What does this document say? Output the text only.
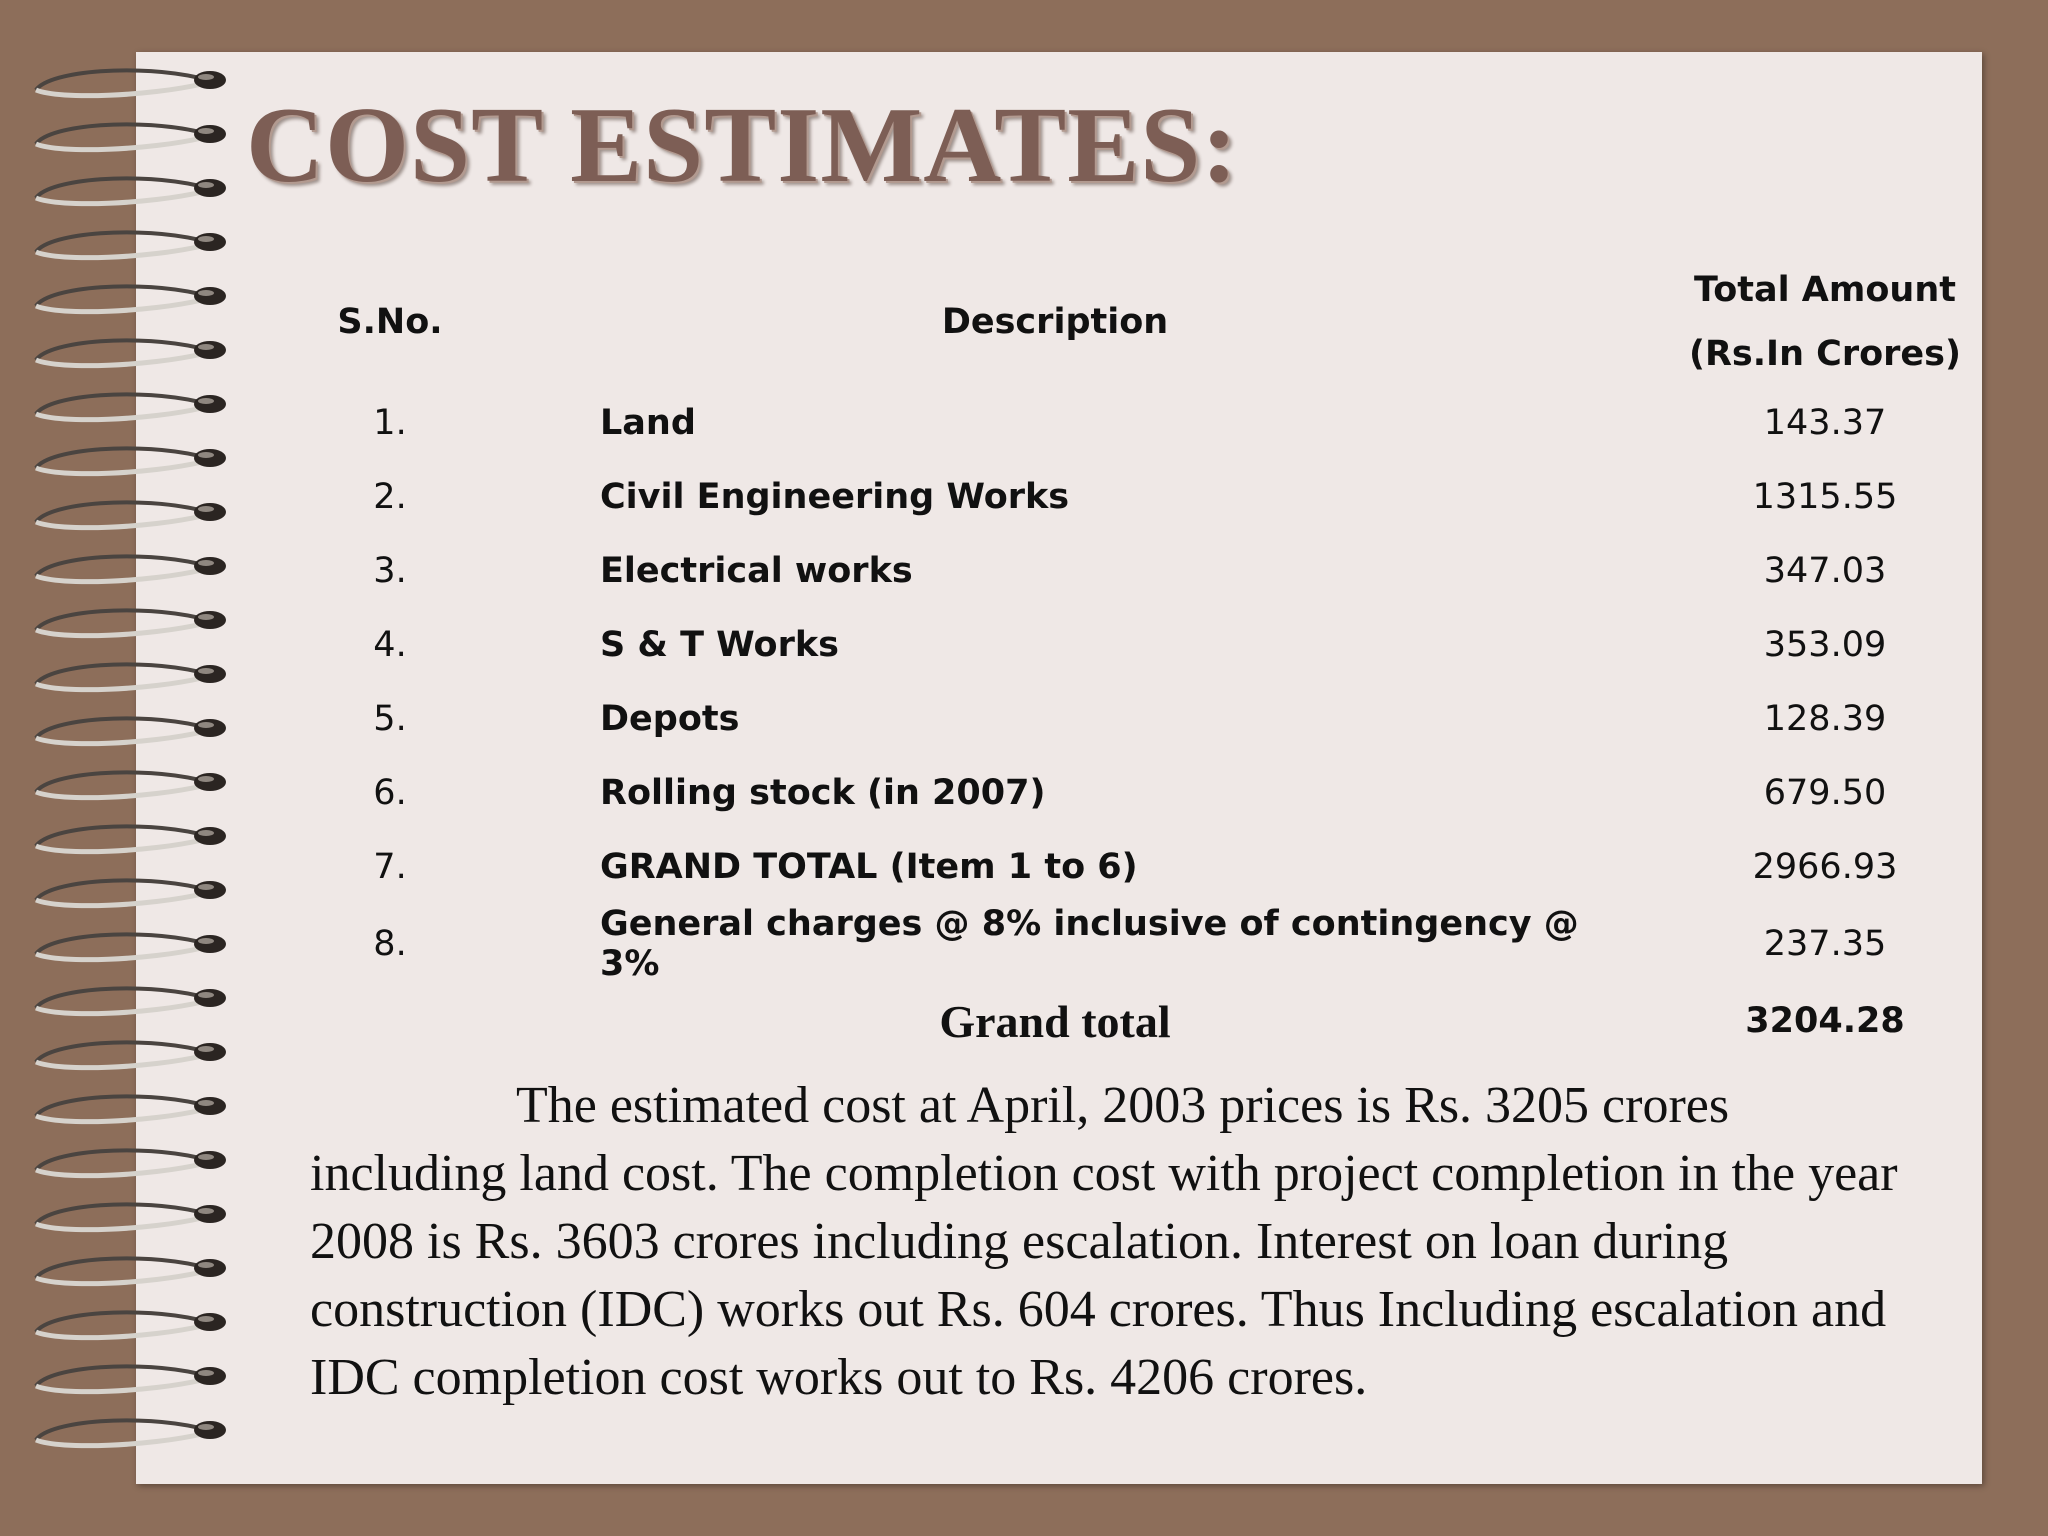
COST ESTIMATES:
S.No.	Description	Total Amount
(Rs.In Crores)

1.	Land	143.37
2.	Civil Engineering Works	1315.55
3.	Electrical works	347.03
4.	S & T Works	353.09
5.	Depots	128.39
6.	Rolling stock (in 2007)	679.50
7.	GRAND TOTAL (Item 1 to 6)	2966.93
8.	General charges @ 8% inclusive of contingency @ 3%	237.35
	Grand total	3204.28

The estimated cost at April, 2003 prices is Rs. 3205 crores including land cost. The completion cost with project completion in the year 2008 is Rs. 3603 crores including escalation. Interest on loan during construction (IDC) works out Rs. 604 crores. Thus Including escalation and IDC completion cost works out to Rs. 4206 crores.
